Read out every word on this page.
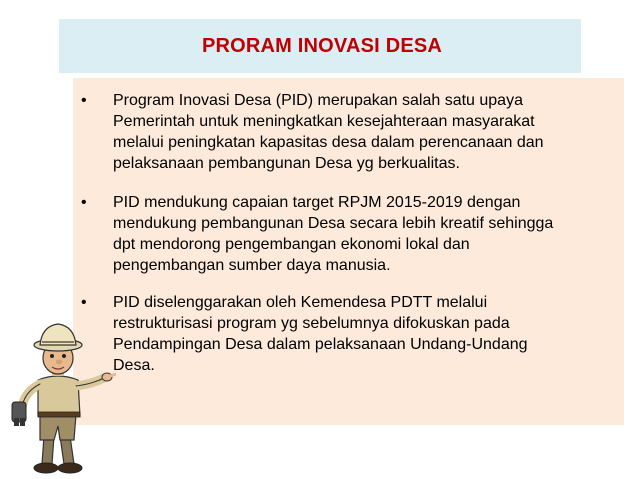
PRORAM INOVASI DESA
• Program Inovasi Desa (PID) merupakan salah satu upaya
Pemerintah untuk meningkatkan kesejahteraan masyarakat
melalui peningkatan kapasitas desa dalam perencanaan dan
pelaksanaan pembangunan Desa yg berkualitas.
• PID mendukung capaian target RPJM 2015-2019 dengan
mendukung pembangunan Desa secara lebih kreatif sehingga
dpt mendorong pengembangan ekonomi lokal dan
pengembangan sumber daya manusia.
• PID diselenggarakan oleh Kemendesa PDTT melalui
restrukturisasi program yg sebelumnya difokuskan pada
Pendampingan Desa dalam pelaksanaan Undang-Undang
Desa.
